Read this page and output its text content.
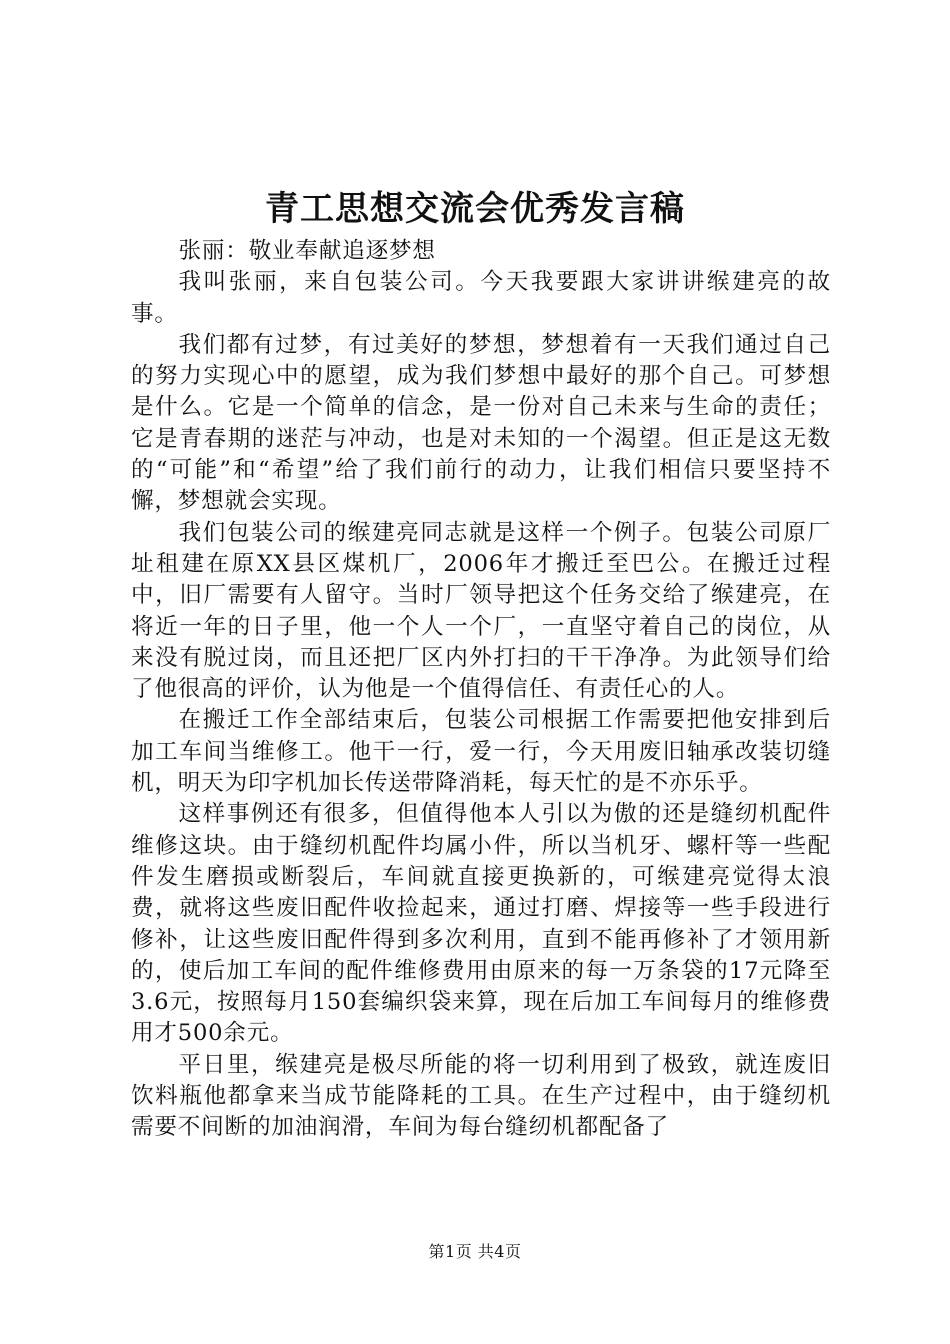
青工思想交流会优秀发言稿

张丽：敬业奉献追逐梦想

我叫张丽，来自包装公司。今天我要跟大家讲讲缑建亮的故事。

我们都有过梦，有过美好的梦想，梦想着有一天我们通过自己的努力实现心中的愿望，成为我们梦想中最好的那个自己。可梦想是什么。它是一个简单的信念，是一份对自己未来与生命的责任；它是青春期的迷茫与冲动，也是对未知的一个渴望。但正是这无数的“可能”和“希望”给了我们前行的动力，让我们相信只要坚持不懈，梦想就会实现。

我们包装公司的缑建亮同志就是这样一个例子。包装公司原厂址租建在原XX县区煤机厂，2006年才搬迁至巴公。在搬迁过程中，旧厂需要有人留守。当时厂领导把这个任务交给了缑建亮，在将近一年的日子里，他一个人一个厂，一直坚守着自己的岗位，从来没有脱过岗，而且还把厂区内外打扫的干干净净。为此领导们给了他很高的评价，认为他是一个值得信任、有责任心的人。

在搬迁工作全部结束后，包装公司根据工作需要把他安排到后加工车间当维修工。他干一行，爱一行，今天用废旧轴承改装切缝机，明天为印字机加长传送带降消耗，每天忙的是不亦乐乎。

这样事例还有很多，但值得他本人引以为傲的还是缝纫机配件维修这块。由于缝纫机配件均属小件，所以当机牙、螺杆等一些配件发生磨损或断裂后，车间就直接更换新的，可缑建亮觉得太浪费，就将这些废旧配件收捡起来，通过打磨、焊接等一些手段进行修补，让这些废旧配件得到多次利用，直到不能再修补了才领用新的，使后加工车间的配件维修费用由原来的每一万条袋的17元降至3.6元，按照每月150套编织袋来算，现在后加工车间每月的维修费用才500余元。

平日里，缑建亮是极尽所能的将一切利用到了极致，就连废旧饮料瓶他都拿来当成节能降耗的工具。在生产过程中，由于缝纫机需要不间断的加油润滑，车间为每台缝纫机都配备了

第1页 共4页
